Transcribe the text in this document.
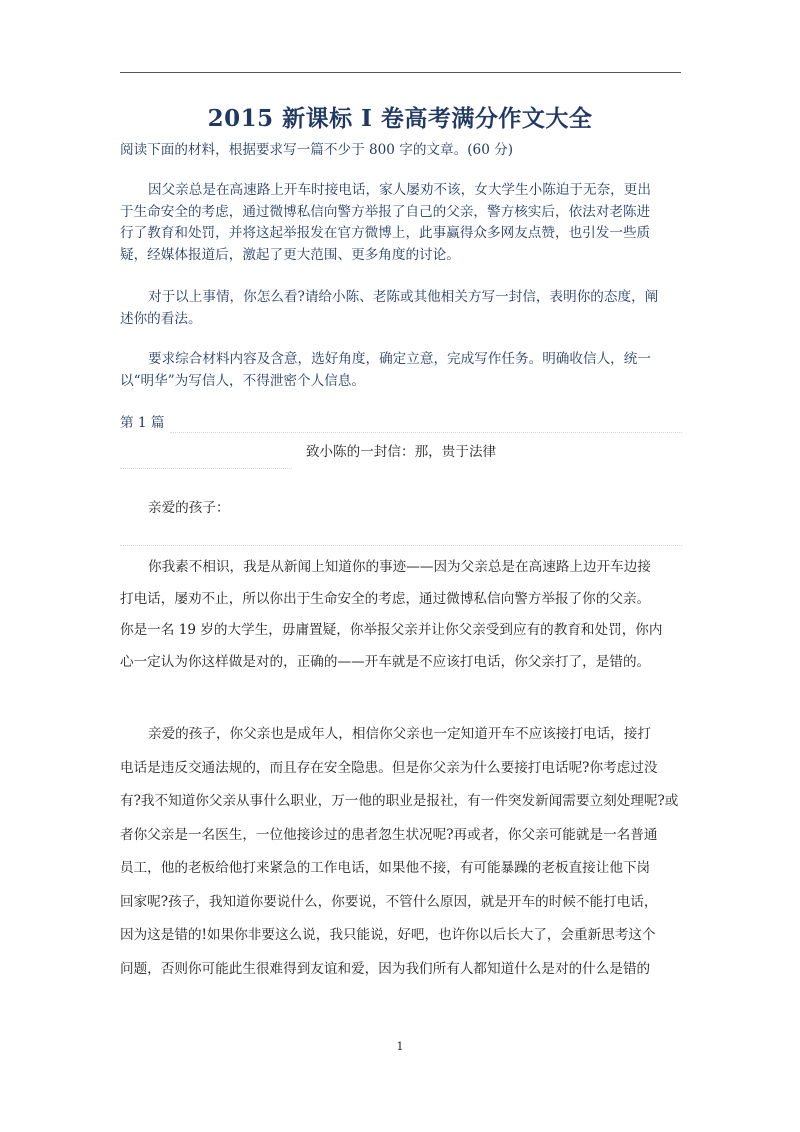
2015 新课标 I 卷高考满分作文大全
阅读下面的材料，根据要求写一篇不少于 800 字的文章。(60 分)
因父亲总是在高速路上开车时接电话，家人屡劝不该，女大学生小陈迫于无奈，更出
于生命安全的考虑，通过微博私信向警方举报了自己的父亲，警方核实后，依法对老陈进
行了教育和处罚，并将这起举报发在官方微博上，此事赢得众多网友点赞，也引发一些质
疑，经媒体报道后，激起了更大范围、更多角度的讨论。
对于以上事情，你怎么看?请给小陈、老陈或其他相关方写一封信，表明你的态度，阐
述你的看法。
要求综合材料内容及含意，选好角度，确定立意，完成写作任务。明确收信人，统一
以“明华”为写信人，不得泄密个人信息。
第 1 篇
致小陈的一封信：那，贵于法律
亲爱的孩子：
你我素不相识，我是从新闻上知道你的事迹——因为父亲总是在高速路上边开车边接
打电话，屡劝不止，所以你出于生命安全的考虑，通过微博私信向警方举报了你的父亲。
你是一名 19 岁的大学生，毋庸置疑，你举报父亲并让你父亲受到应有的教育和处罚，你内
心一定认为你这样做是对的，正确的——开车就是不应该打电话，你父亲打了，是错的。
亲爱的孩子，你父亲也是成年人，相信你父亲也一定知道开车不应该接打电话，接打
电话是违反交通法规的，而且存在安全隐患。但是你父亲为什么要接打电话呢?你考虑过没
有?我不知道你父亲从事什么职业，万一他的职业是报社，有一件突发新闻需要立刻处理呢?或
者你父亲是一名医生，一位他接诊过的患者忽生状况呢?再或者，你父亲可能就是一名普通
员工，他的老板给他打来紧急的工作电话，如果他不接，有可能暴躁的老板直接让他下岗
回家呢?孩子，我知道你要说什么，你要说，不管什么原因，就是开车的时候不能打电话，
因为这是错的!如果你非要这么说，我只能说，好吧，也许你以后长大了，会重新思考这个
问题，否则你可能此生很难得到友谊和爱，因为我们所有人都知道什么是对的什么是错的
1
